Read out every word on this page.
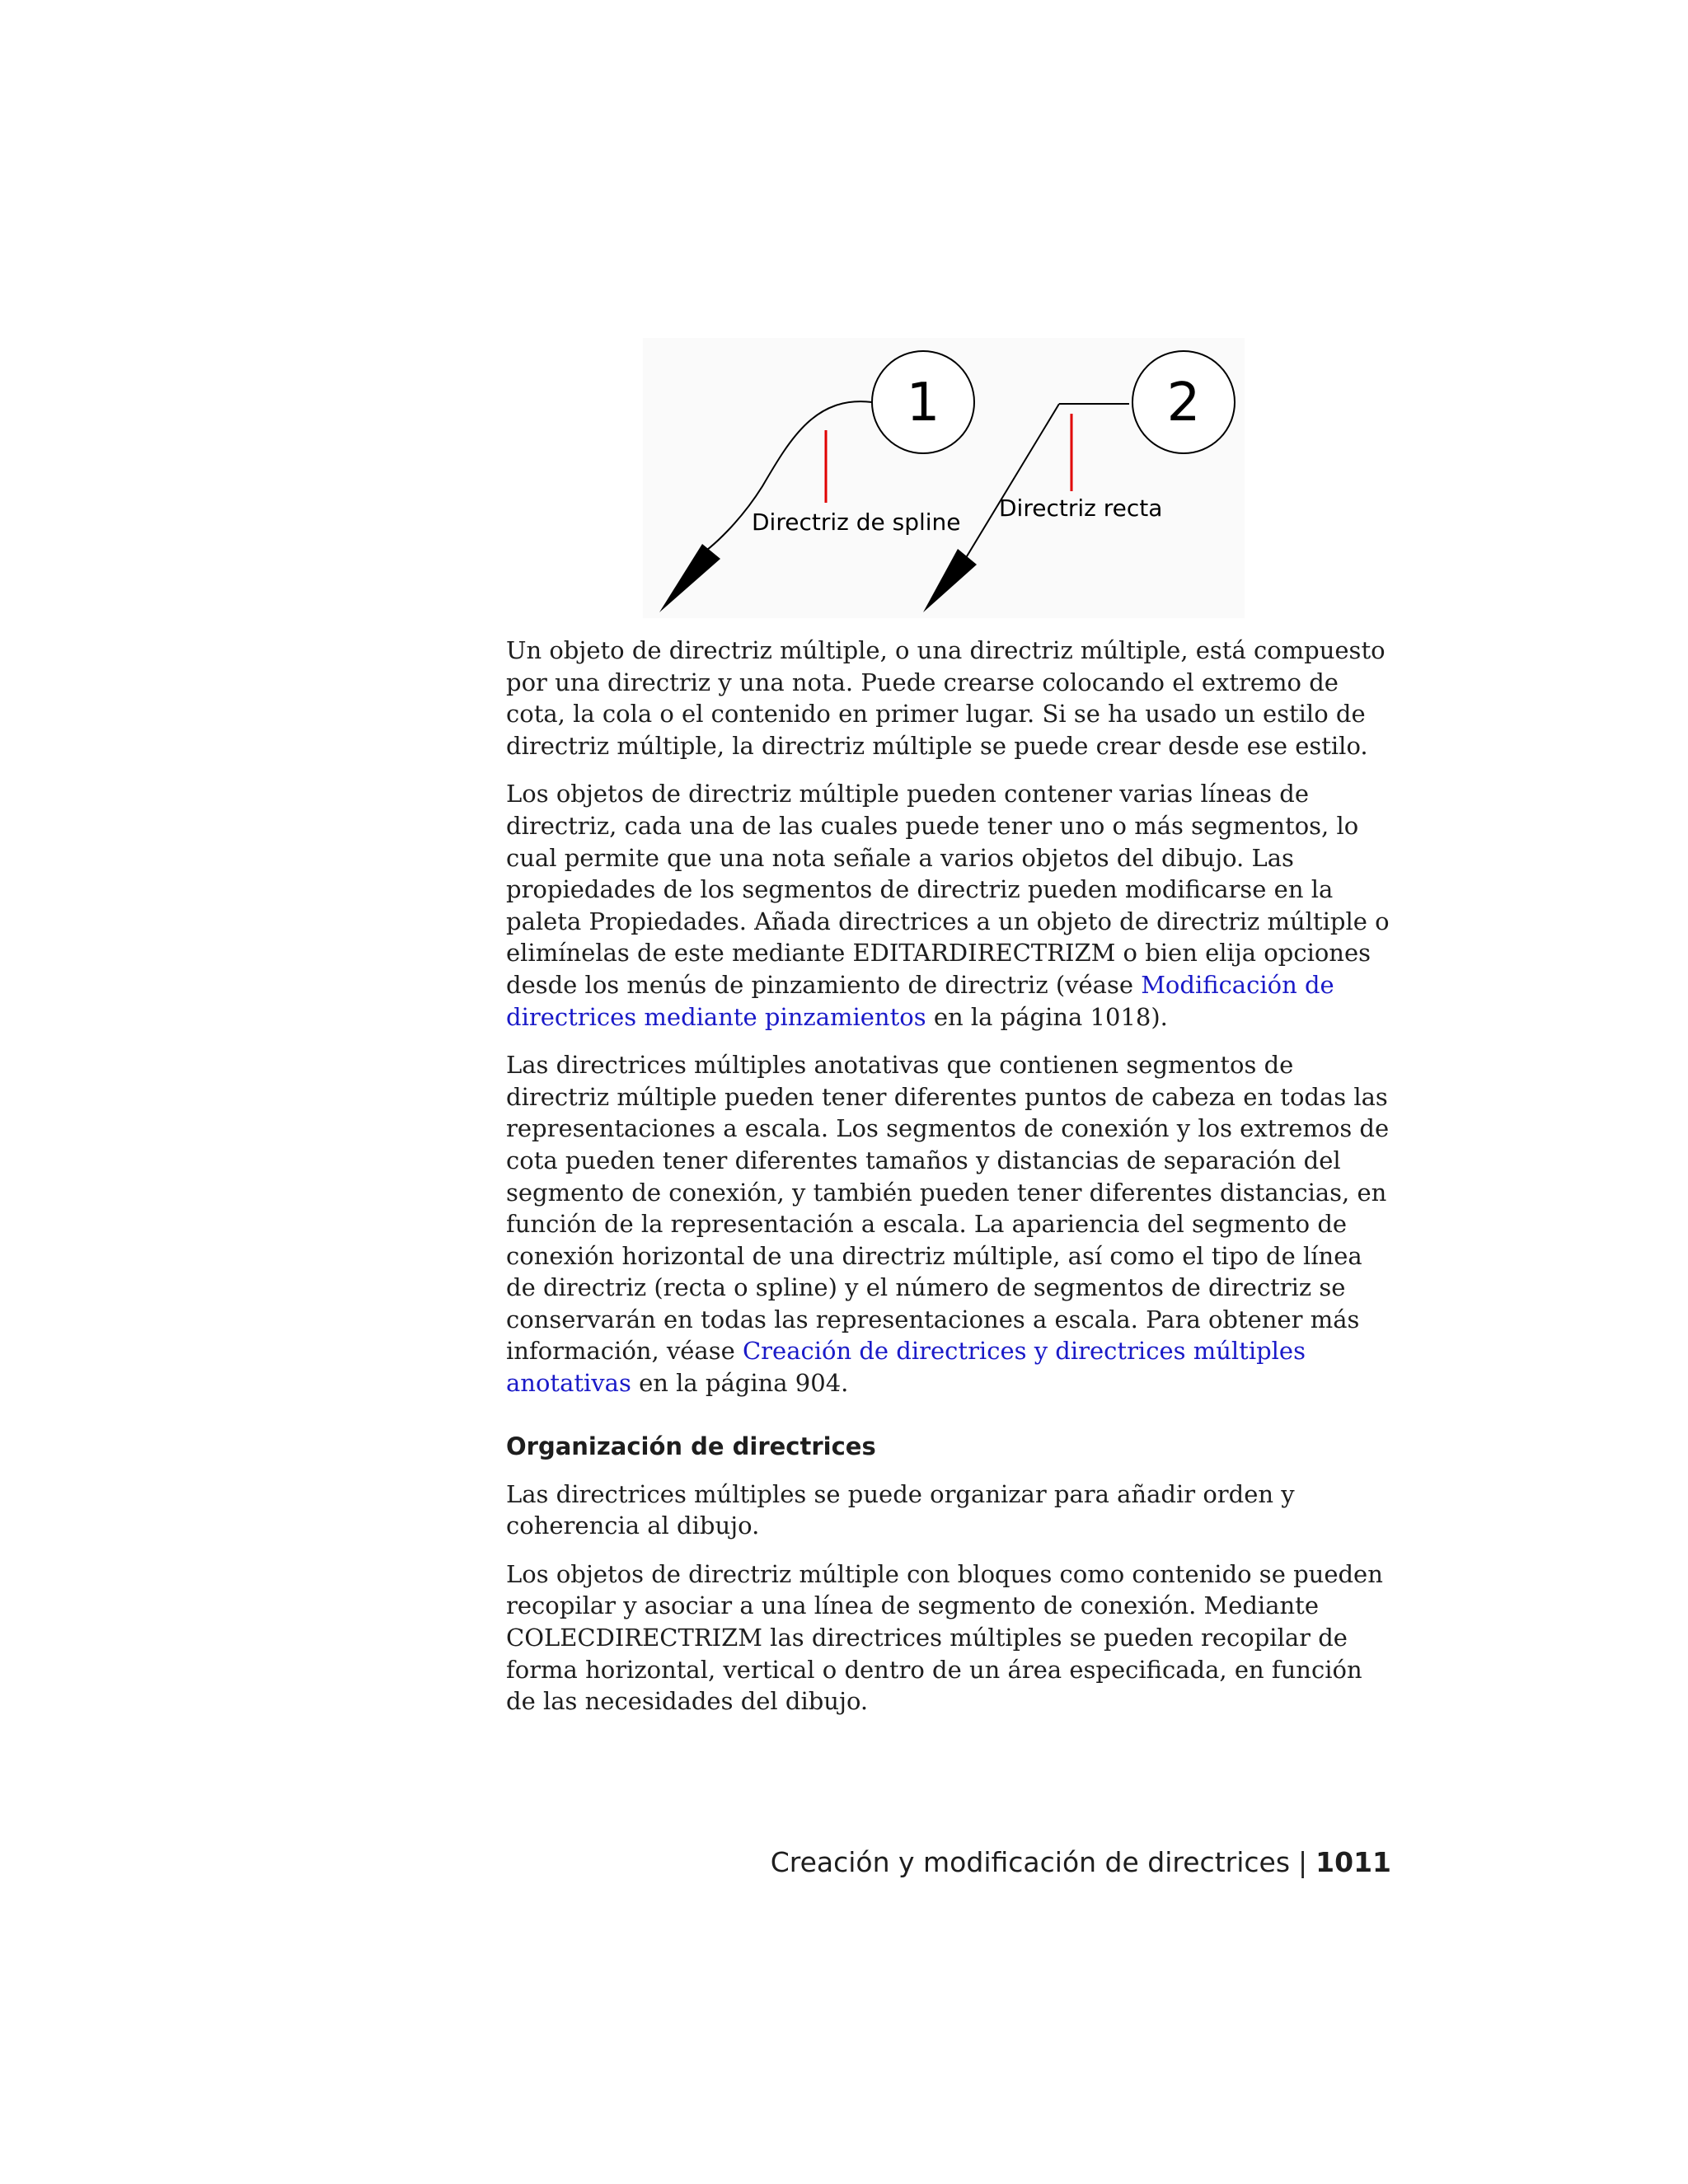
1
Directriz de spline
2
Directriz recta

Un objeto de directriz múltiple, o una directriz múltiple, está compuesto por una directriz y una nota. Puede crearse colocando el extremo de cota, la cola o el contenido en primer lugar. Si se ha usado un estilo de directriz múltiple, la directriz múltiple se puede crear desde ese estilo.

Los objetos de directriz múltiple pueden contener varias líneas de directriz, cada una de las cuales puede tener uno o más segmentos, lo cual permite que una nota señale a varios objetos del dibujo. Las propiedades de los segmentos de directriz pueden modificarse en la paleta Propiedades. Añada directrices a un objeto de directriz múltiple o elimínelas de este mediante EDITARDIRECTRIZM o bien elija opciones desde los menús de pinzamiento de directriz (véase Modificación de directrices mediante pinzamientos en la página 1018).

Las directrices múltiples anotativas que contienen segmentos de directriz múltiple pueden tener diferentes puntos de cabeza en todas las representaciones a escala. Los segmentos de conexión y los extremos de cota pueden tener diferentes tamaños y distancias de separación del segmento de conexión, y también pueden tener diferentes distancias, en función de la representación a escala. La apariencia del segmento de conexión horizontal de una directriz múltiple, así como el tipo de línea de directriz (recta o spline) y el número de segmentos de directriz se conservarán en todas las representaciones a escala. Para obtener más información, véase Creación de directrices y directrices múltiples anotativas en la página 904.

Organización de directrices

Las directrices múltiples se puede organizar para añadir orden y coherencia al dibujo.

Los objetos de directriz múltiple con bloques como contenido se pueden recopilar y asociar a una línea de segmento de conexión. Mediante COLECDIRECTRIZM las directrices múltiples se pueden recopilar de forma horizontal, vertical o dentro de un área especificada, en función de las necesidades del dibujo.

Creación y modificación de directrices | 1011
